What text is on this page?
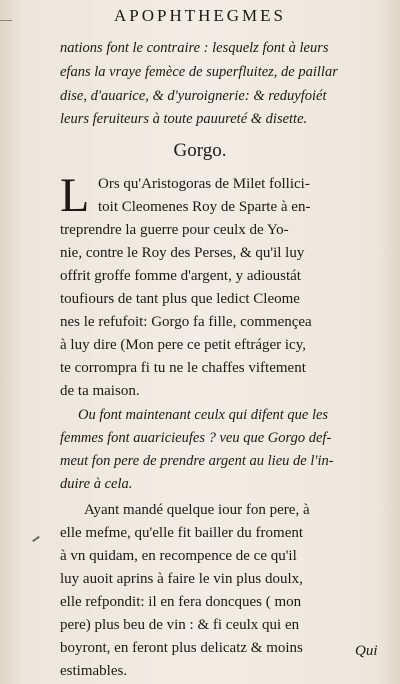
APOPHTHEGMES
nations font le contraire : lesquelz font à leurs
efans la vraye femèce de superfluitez, de paillar
dise, d'auarice, & d'yuroignerie: & reduyfoiét
leurs feruiteurs à toute pauureté & disette.
Gorgo.
L Ors qu'Aristogoras de Milet follici-
toit Cleomenes Roy de Sparte à en-
treprendre la guerre pour ceulx de Yo-
nie, contre le Roy des Perses, & qu'il luy
offrit groffe fomme d'argent, y adioustát
toufiours de tant plus que ledict Cleome
nes le refufoit: Gorgo fa fille, commençea
à luy dire (Mon pere ce petit eftráger icy,
te corrompra fi tu ne le chaffes viftement
de ta maison.
Ou font maintenant ceulx qui difent que les
femmes font auaricieufes ? veu que Gorgo def-
meut fon pere de prendre argent au lieu de l'in-
duire à cela.
Ayant mandé quelque iour fon pere, à
elle mefme, qu'elle fit bailler du froment
à vn quidam, en recompence de ce qu'il
luy auoit aprins à faire le vin plus doulx,
elle refpondit: il en fera doncques ( mon
pere) plus beu de vin : & fi ceulx qui en
boyront, en feront plus delicatz & moins
estimables.
Qui
